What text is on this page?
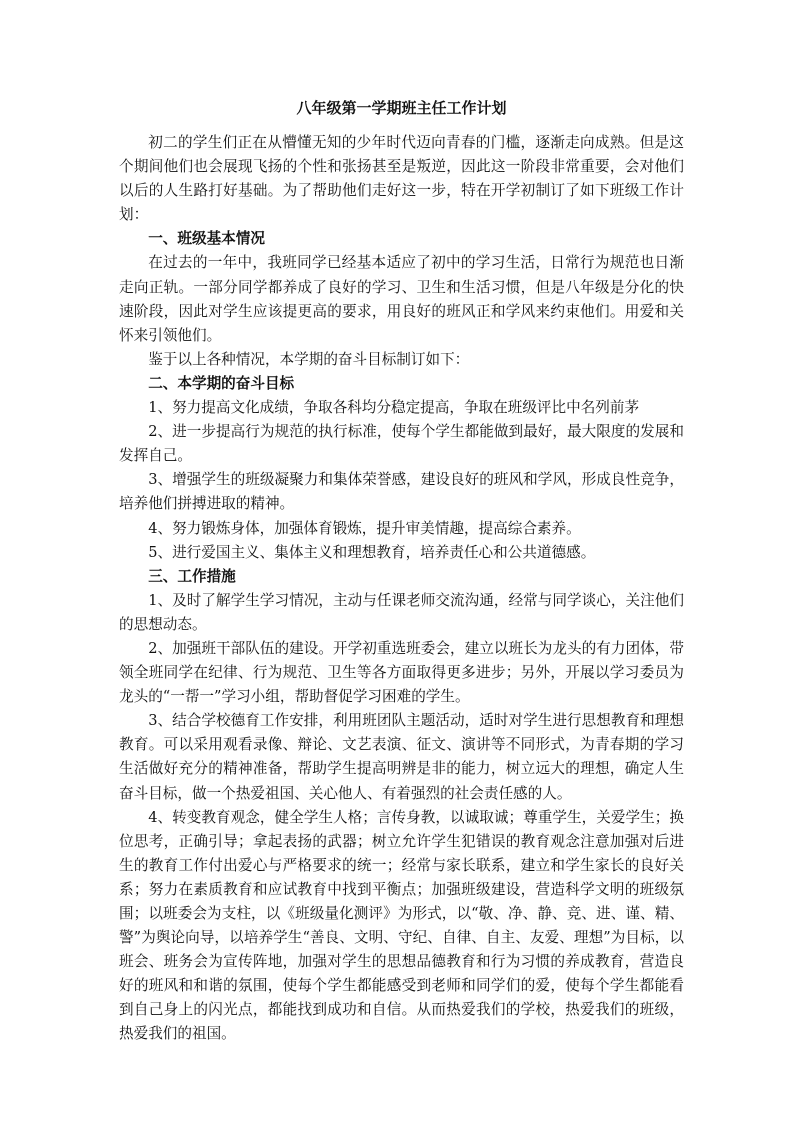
八年级第一学期班主任工作计划

初二的学生们正在从懵懂无知的少年时代迈向青春的门槛，逐渐走向成熟。但是这个期间他们也会展现飞扬的个性和张扬甚至是叛逆，因此这一阶段非常重要，会对他们以后的人生路打好基础。为了帮助他们走好这一步，特在开学初制订了如下班级工作计划：

一、班级基本情况

在过去的一年中，我班同学已经基本适应了初中的学习生活，日常行为规范也日渐走向正轨。一部分同学都养成了良好的学习、卫生和生活习惯，但是八年级是分化的快速阶段，因此对学生应该提更高的要求，用良好的班风正和学风来约束他们。用爱和关怀来引领他们。

鉴于以上各种情况，本学期的奋斗目标制订如下：

二、本学期的奋斗目标

1、努力提高文化成绩，争取各科均分稳定提高，争取在班级评比中名列前茅

2、进一步提高行为规范的执行标准，使每个学生都能做到最好，最大限度的发展和发挥自己。

3、增强学生的班级凝聚力和集体荣誉感，建设良好的班风和学风，形成良性竞争，培养他们拼搏进取的精神。

4、努力锻炼身体，加强体育锻炼，提升审美情趣，提高综合素养。

5、进行爱国主义、集体主义和理想教育，培养责任心和公共道德感。

三、工作措施

1、及时了解学生学习情况，主动与任课老师交流沟通，经常与同学谈心，关注他们的思想动态。

2、加强班干部队伍的建设。开学初重选班委会，建立以班长为龙头的有力团体，带领全班同学在纪律、行为规范、卫生等各方面取得更多进步；另外，开展以学习委员为龙头的“一帮一”学习小组，帮助督促学习困难的学生。

3、结合学校德育工作安排，利用班团队主题活动，适时对学生进行思想教育和理想教育。可以采用观看录像、辩论、文艺表演、征文、演讲等不同形式，为青春期的学习生活做好充分的精神准备，帮助学生提高明辨是非的能力，树立远大的理想，确定人生奋斗目标，做一个热爱祖国、关心他人、有着强烈的社会责任感的人。

4、转变教育观念，健全学生人格；言传身教，以诚取诚；尊重学生，关爱学生；换位思考，正确引导；拿起表扬的武器；树立允许学生犯错误的教育观念注意加强对后进生的教育工作付出爱心与严格要求的统一；经常与家长联系，建立和学生家长的良好关系；努力在素质教育和应试教育中找到平衡点；加强班级建设，营造科学文明的班级氛围；以班委会为支柱，以《班级量化测评》为形式，以“敬、净、静、竞、进、谨、精、警”为舆论向导，以培养学生“善良、文明、守纪、自律、自主、友爱、理想”为目标，以班会、班务会为宣传阵地，加强对学生的思想品德教育和行为习惯的养成教育，营造良好的班风和和谐的氛围，使每个学生都能感受到老师和同学们的爱，使每个学生都能看到自己身上的闪光点，都能找到成功和自信。从而热爱我们的学校，热爱我们的班级，热爱我们的祖国。
